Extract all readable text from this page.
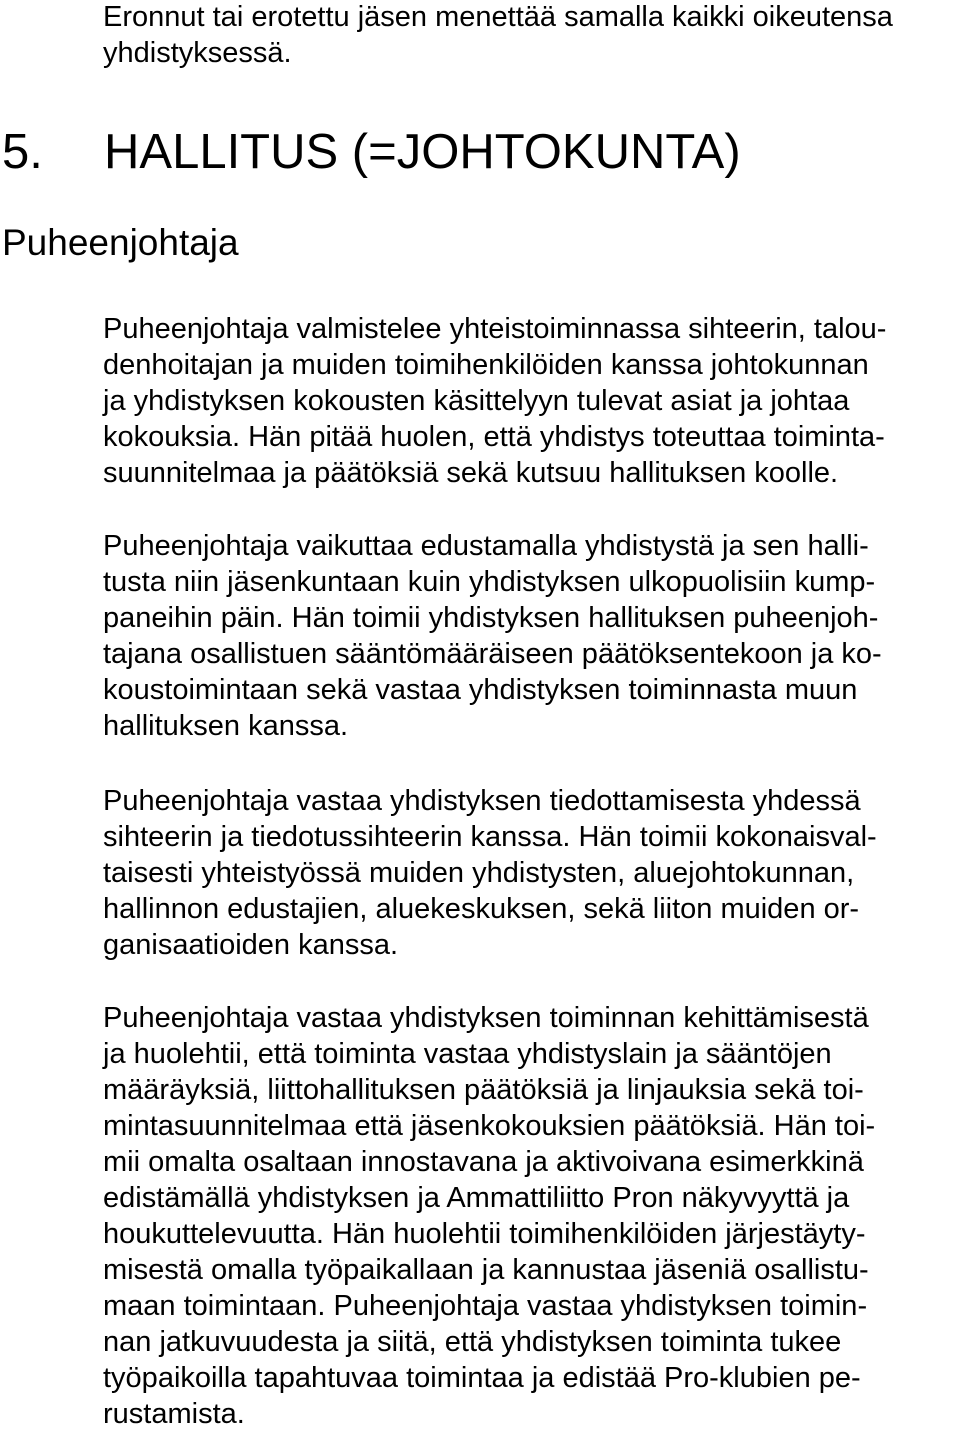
Eronnut tai erotettu jäsen menettää samalla kaikki oikeutensa

yhdistyksessä.

5. HALLITUS (=JOHTOKUNTA)
Puheenjohtaja

Puheenjohtaja valmistelee yhteistoiminnassa sihteerin, talou-

denhoitajan ja muiden toimihenkilöiden kanssa johtokunnan

ja yhdistyksen kokousten käsittelyyn tulevat asiat ja johtaa

kokouksia. Hän pitää huolen, että yhdistys toteuttaa toiminta-

suunnitelmaa ja päätöksiä sekä kutsuu hallituksen koolle.

Puheenjohtaja vaikuttaa edustamalla yhdistystä ja sen halli-

tusta niin jäsenkuntaan kuin yhdistyksen ulkopuolisiin kump-

paneihin päin. Hän toimii yhdistyksen hallituksen puheenjoh-

tajana osallistuen sääntömääräiseen päätöksentekoon ja ko-

koustoimintaan sekä vastaa yhdistyksen toiminnasta muun

hallituksen kanssa.

Puheenjohtaja vastaa yhdistyksen tiedottamisesta yhdessä

sihteerin ja tiedotussihteerin kanssa. Hän toimii kokonaisval-

taisesti yhteistyössä muiden yhdistysten, aluejohtokunnan,

hallinnon edustajien, aluekeskuksen, sekä liiton muiden or-

ganisaatioiden kanssa.

Puheenjohtaja vastaa yhdistyksen toiminnan kehittämisestä

ja huolehtii, että toiminta vastaa yhdistyslain ja sääntöjen

määräyksiä, liittohallituksen päätöksiä ja linjauksia sekä toi-

mintasuunnitelmaa että jäsenkokouksien päätöksiä. Hän toi-

mii omalta osaltaan innostavana ja aktivoivana esimerkkinä

edistämällä yhdistyksen ja Ammattiliitto Pron näkyvyyttä ja

houkuttelevuutta. Hän huolehtii toimihenkilöiden järjestäyty-

misestä omalla työpaikallaan ja kannustaa jäseniä osallistu-

maan toimintaan. Puheenjohtaja vastaa yhdistyksen toimin-

nan jatkuvuudesta ja siitä, että yhdistyksen toiminta tukee

työpaikoilla tapahtuvaa toimintaa ja edistää Pro-klubien pe-

rustamista.
